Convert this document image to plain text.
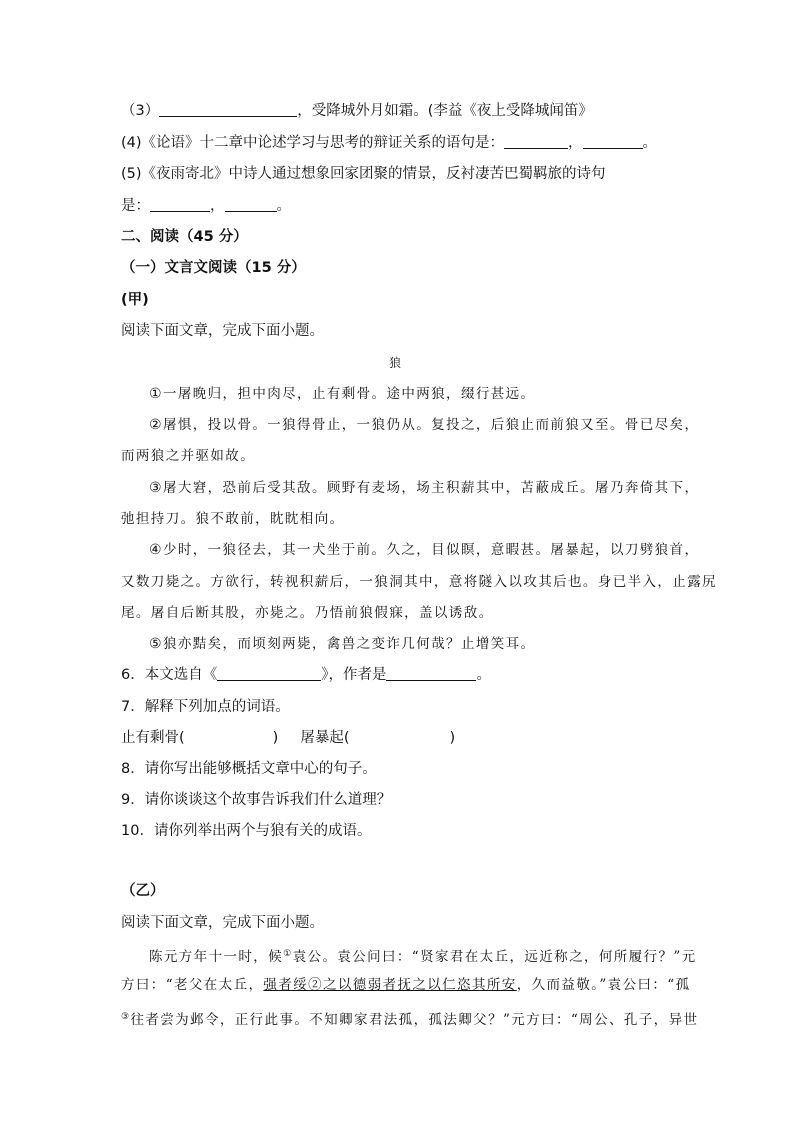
（3）	，受降城外月如霜。(李益《夜上受降城闻笛》
(4)《论语》十二章中论述学习与思考的辩证关系的语句是：	，	。
(5)《夜雨寄北》中诗人通过想象回家团聚的情景，反衬凄苦巴蜀羁旅的诗句
是：	，	。
二、阅读（45 分）
（一）文言文阅读（15 分）
(甲)
阅读下面文章，完成下面小题。
狼
①一屠晚归，担中肉尽，止有剩骨。途中两狼，缀行甚远。
②屠惧，投以骨。一狼得骨止，一狼仍从。复投之，后狼止而前狼又至。骨已尽矣，
而两狼之并驱如故。
③屠大窘，恐前后受其敌。顾野有麦场，场主积薪其中，苫蔽成丘。屠乃奔倚其下，
弛担持刀。狼不敢前，眈眈相向。
④少时，一狼径去，其一犬坐于前。久之，目似瞑，意暇甚。屠暴起，以刀劈狼首，
又数刀毙之。方欲行，转视积薪后，一狼洞其中，意将隧入以攻其后也。身已半入，止露尻
尾。屠自后断其股，亦毙之。乃悟前狼假寐，盖以诱敌。
⑤狼亦黠矣，而顷刻两毙，禽兽之变诈几何哉？止增笑耳。
6．本文选自《	》，作者是	。
7．解释下列加点的词语。
止有剩骨(	) 屠暴起(	)
8．请你写出能够概括文章中心的句子。
9．请你谈谈这个故事告诉我们什么道理？
10．请你列举出两个与狼有关的成语。
（乙）
阅读下面文章，完成下面小题。
陈元方年十一时，候①袁公。袁公问曰：“贤家君在太丘，远近称之，何所履行？”元
方曰：“老父在太丘，强者绥②之以德弱者抚之以仁恣其所安，久而益敬。”袁公曰：“孤
③往者尝为邺令，正行此事。不知卿家君法孤，孤法卿父？”元方曰：“周公、孔子，异世
